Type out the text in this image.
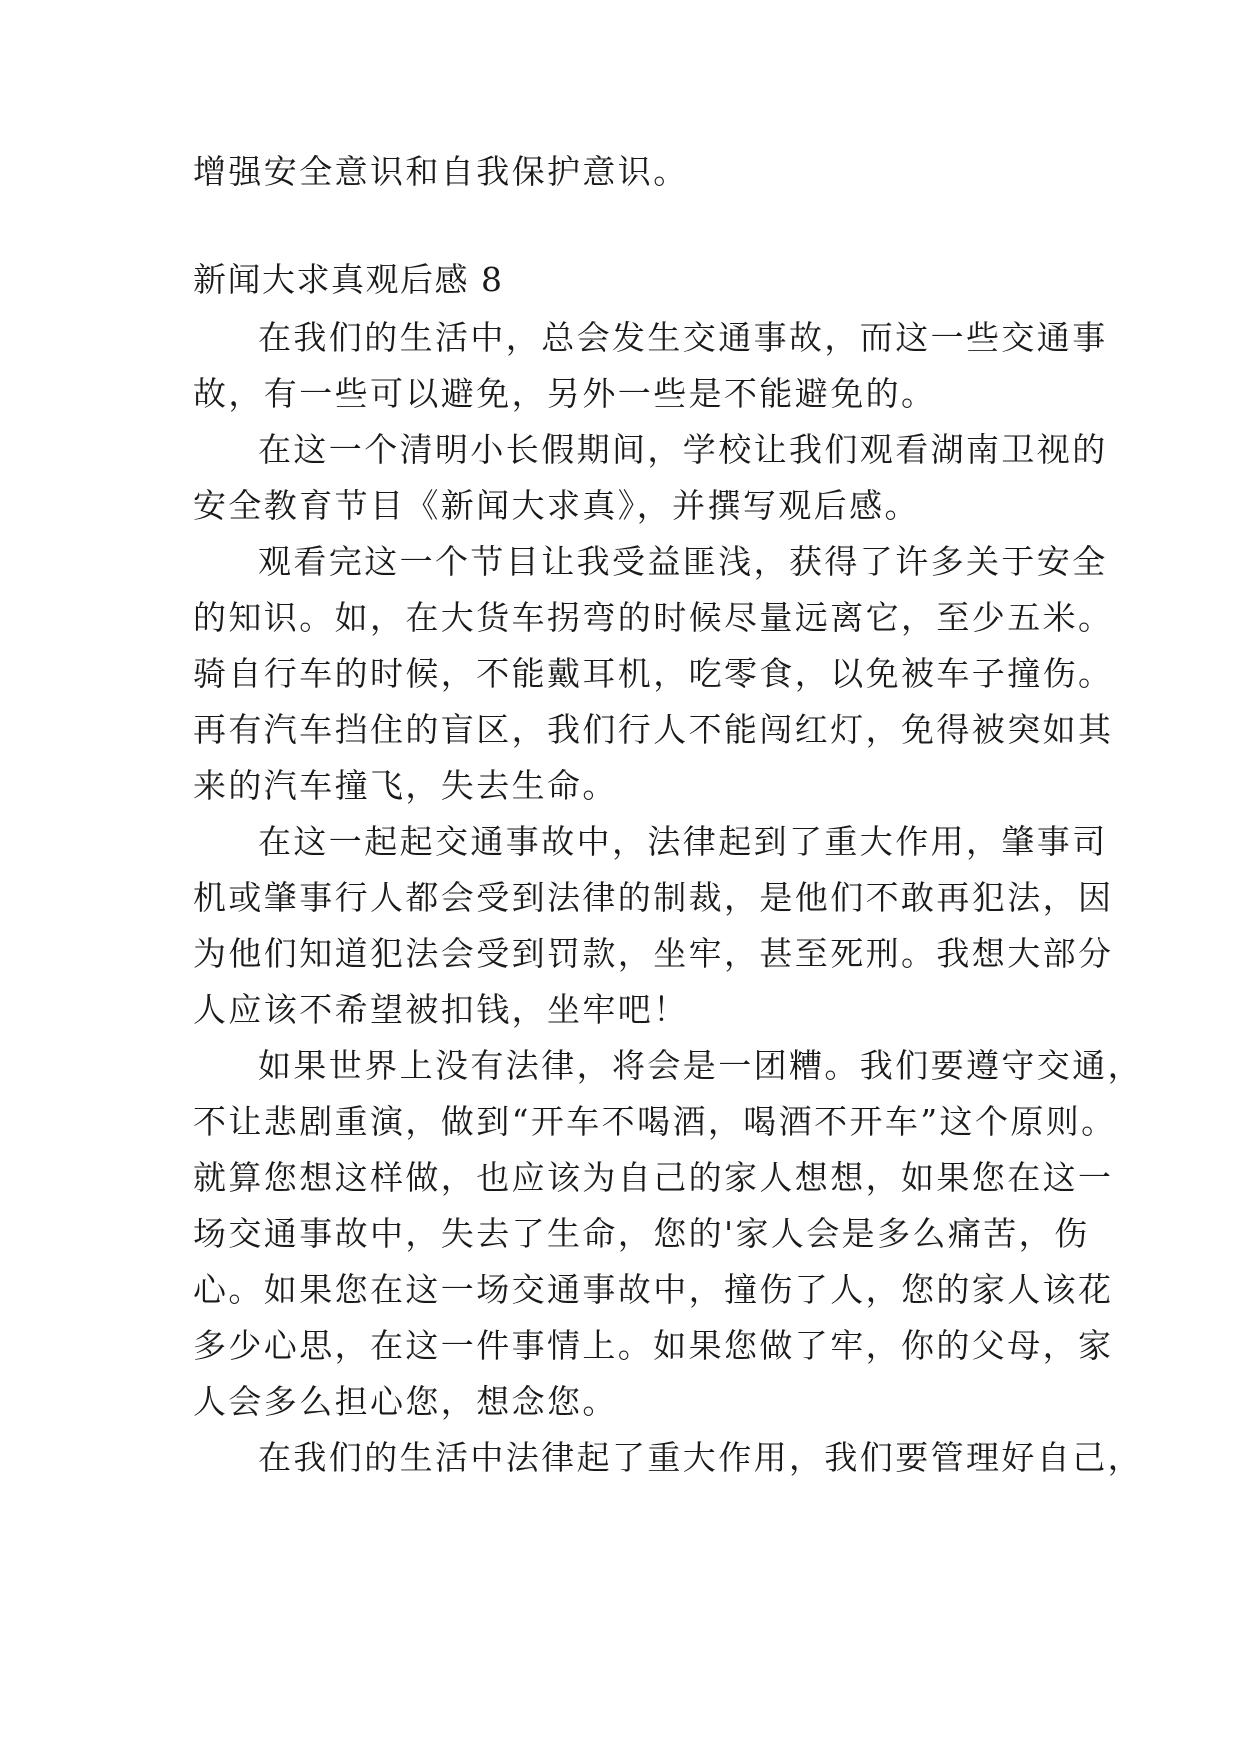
增强安全意识和自我保护意识。
新闻大求真观后感 8
在我们的生活中，总会发生交通事故，而这一些交通事
故，有一些可以避免，另外一些是不能避免的。
在这一个清明小长假期间，学校让我们观看湖南卫视的
安全教育节目《新闻大求真》，并撰写观后感。
观看完这一个节目让我受益匪浅，获得了许多关于安全
的知识。如，在大货车拐弯的时候尽量远离它，至少五米。
骑自行车的时候，不能戴耳机，吃零食，以免被车子撞伤。
再有汽车挡住的盲区，我们行人不能闯红灯，免得被突如其
来的汽车撞飞，失去生命。
在这一起起交通事故中，法律起到了重大作用，肇事司
机或肇事行人都会受到法律的制裁，是他们不敢再犯法，因
为他们知道犯法会受到罚款，坐牢，甚至死刑。我想大部分
人应该不希望被扣钱，坐牢吧！
如果世界上没有法律，将会是一团糟。我们要遵守交通，
不让悲剧重演，做到“开车不喝酒，喝酒不开车”这个原则。
就算您想这样做，也应该为自己的家人想想，如果您在这一
场交通事故中，失去了生命，您的'家人会是多么痛苦，伤
心。如果您在这一场交通事故中，撞伤了人，您的家人该花
多少心思，在这一件事情上。如果您做了牢，你的父母，家
人会多么担心您，想念您。
在我们的生活中法律起了重大作用，我们要管理好自己，
